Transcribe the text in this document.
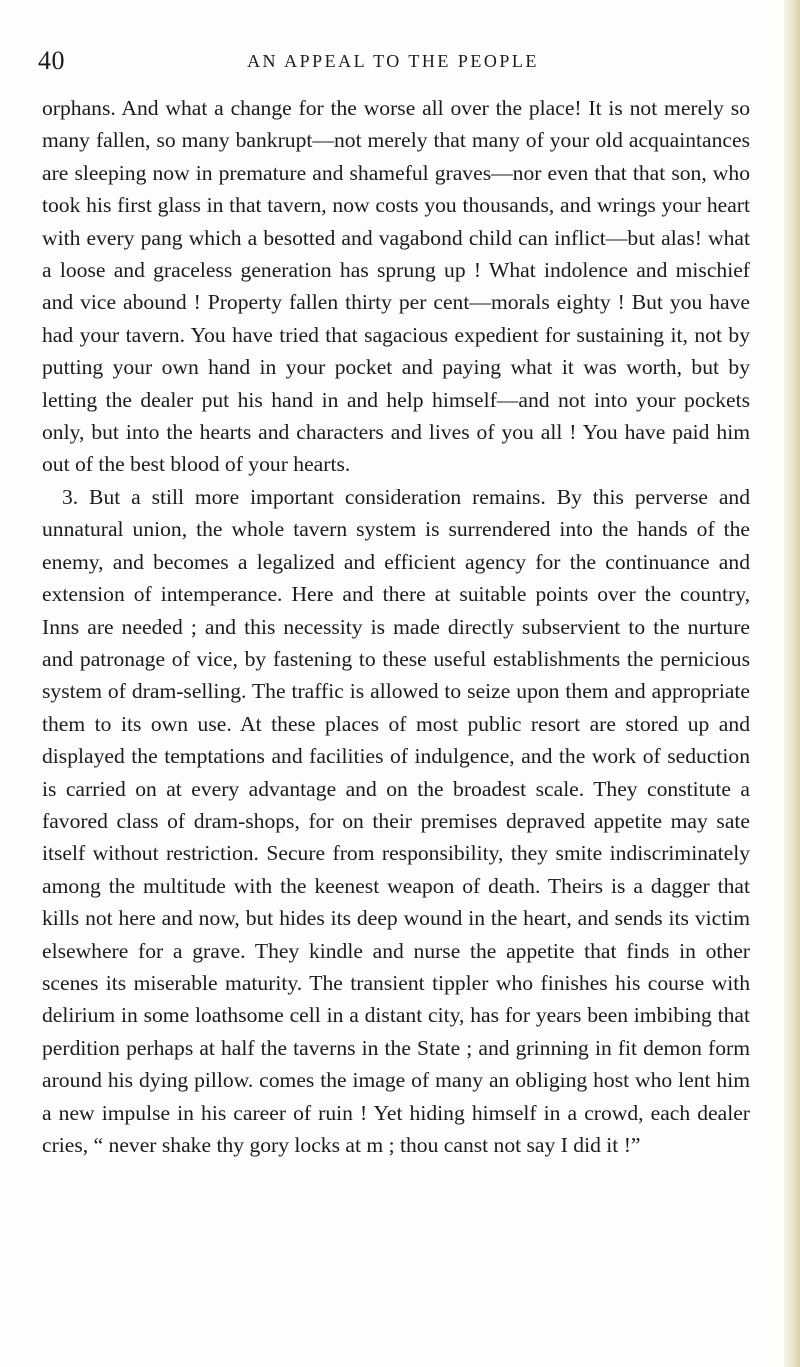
40	AN APPEAL TO THE PEOPLE

orphans. And what a change for the worse all over the place! It is not merely so many fallen, so many bankrupt—not merely that many of your old acquaintances are sleeping now in premature and shameful graves—nor even that that son, who took his first glass in that tavern, now costs you thousands, and wrings your heart with every pang which a besotted and vagabond child can inflict—but alas! what a loose and graceless generation has sprung up ! What indolence and mischief and vice abound ! Property fallen thirty per cent—morals eighty ! But you have had your tavern. You have tried that sagacious expedient for sustaining it, not by putting your own hand in your pocket and paying what it was worth, but by letting the dealer put his hand in and help himself—and not into your pockets only, but into the hearts and characters and lives of you all ! You have paid him out of the best blood of your hearts.

3. But a still more important consideration remains. By this perverse and unnatural union, the whole tavern system is surrendered into the hands of the enemy, and becomes a legalized and efficient agency for the continuance and extension of intemperance. Here and there at suitable points over the country, Inns are needed ; and this necessity is made directly subservient to the nurture and patronage of vice, by fastening to these useful establishments the pernicious system of dram-selling. The traffic is allowed to seize upon them and appropriate them to its own use. At these places of most public resort are stored up and displayed the temptations and facilities of indulgence, and the work of seduction is carried on at every advantage and on the broadest scale. They constitute a favored class of dram-shops, for on their premises depraved appetite may sate itself without restriction. Secure from responsibility, they smite indiscriminately among the multitude with the keenest weapon of death. Theirs is a dagger that kills not here and now, but hides its deep wound in the heart, and sends its victim elsewhere for a grave. They kindle and nurse the appetite that finds in other scenes its miserable maturity. The transient tippler who finishes his course with delirium in some loathsome cell in a distant city, has for years been imbibing that perdition perhaps at half the taverns in the State ; and grinning in fit demon form around his dying pillow. comes the image of many an obliging host who lent him a new impulse in his career of ruin ! Yet hiding himself in a crowd, each dealer cries, “ never shake thy gory locks at m ; thou canst not say I did it !”
